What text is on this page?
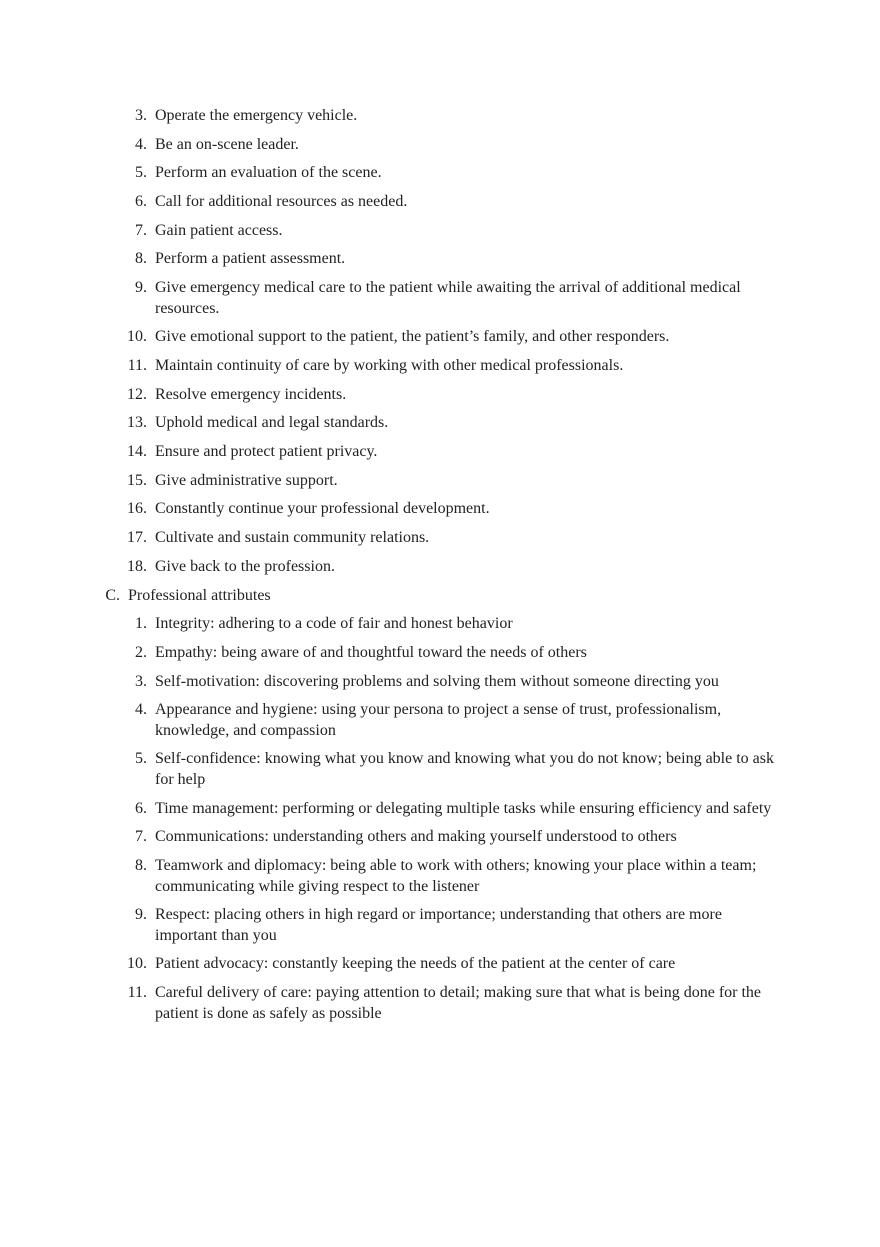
3. Operate the emergency vehicle.
4. Be an on-scene leader.
5. Perform an evaluation of the scene.
6. Call for additional resources as needed.
7. Gain patient access.
8. Perform a patient assessment.
9. Give emergency medical care to the patient while awaiting the arrival of additional medical resources.
10. Give emotional support to the patient, the patient’s family, and other responders.
11. Maintain continuity of care by working with other medical professionals.
12. Resolve emergency incidents.
13. Uphold medical and legal standards.
14. Ensure and protect patient privacy.
15. Give administrative support.
16. Constantly continue your professional development.
17. Cultivate and sustain community relations.
18. Give back to the profession.
C. Professional attributes
1. Integrity: adhering to a code of fair and honest behavior
2. Empathy: being aware of and thoughtful toward the needs of others
3. Self-motivation: discovering problems and solving them without someone directing you
4. Appearance and hygiene: using your persona to project a sense of trust, professionalism, knowledge, and compassion
5. Self-confidence: knowing what you know and knowing what you do not know; being able to ask for help
6. Time management: performing or delegating multiple tasks while ensuring efficiency and safety
7. Communications: understanding others and making yourself understood to others
8. Teamwork and diplomacy: being able to work with others; knowing your place within a team; communicating while giving respect to the listener
9. Respect: placing others in high regard or importance; understanding that others are more important than you
10. Patient advocacy: constantly keeping the needs of the patient at the center of care
11. Careful delivery of care: paying attention to detail; making sure that what is being done for the patient is done as safely as possible
